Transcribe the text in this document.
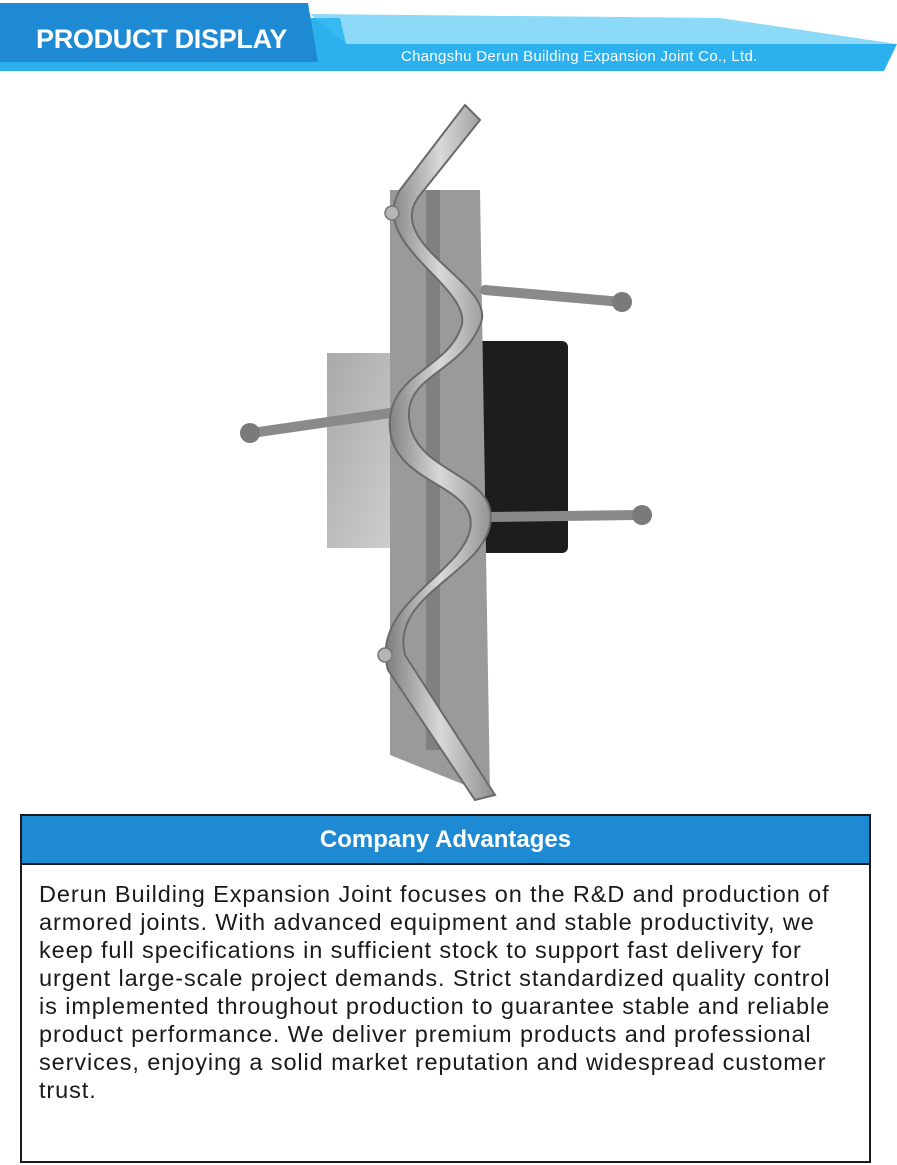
PRODUCT DISPLAY
Changshu Derun Building Expansion Joint Co., Ltd.
Company Advantages
Derun Building Expansion Joint focuses on the R&D and production of armored joints. With advanced equipment and stable productivity, we keep full specifications in sufficient stock to support fast delivery for urgent large-scale project demands. Strict standardized quality control is implemented throughout production to guarantee stable and reliable product performance. We deliver premium products and professional services, enjoying a solid market reputation and widespread customer trust.
